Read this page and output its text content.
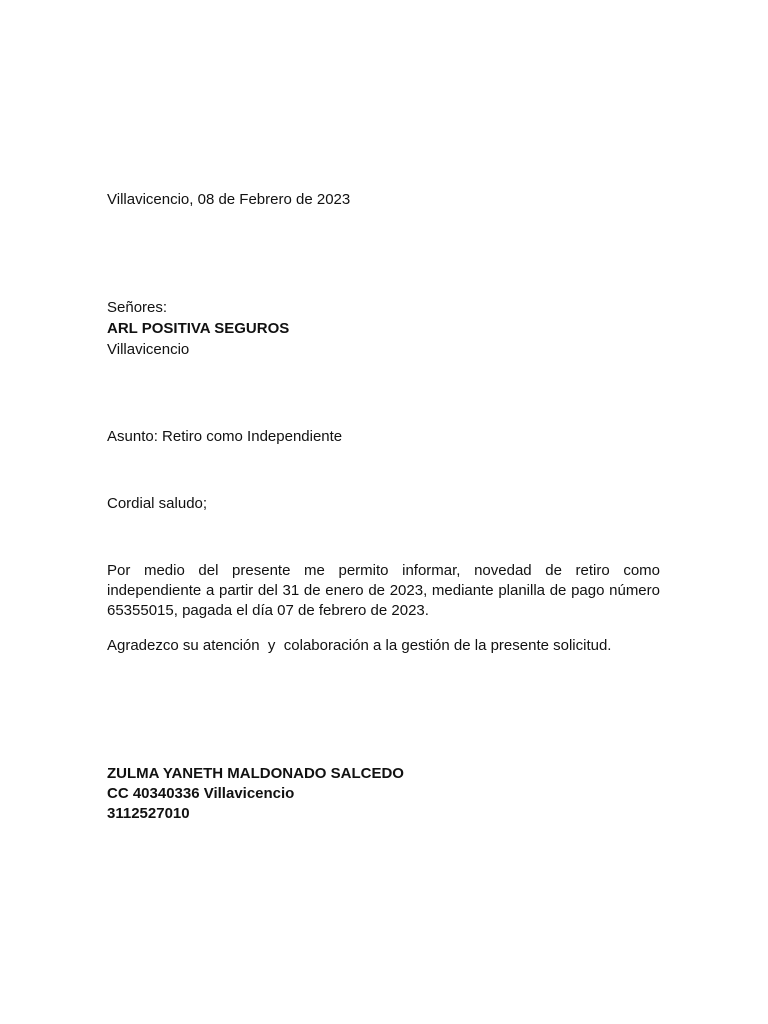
Villavicencio, 08 de Febrero de 2023
Señores:
ARL POSITIVA SEGUROS
Villavicencio
Asunto: Retiro como Independiente
Cordial saludo;
Por medio del presente me permito informar, novedad de retiro como independiente a partir del 31 de enero de 2023, mediante planilla de pago número 65355015, pagada el día 07 de febrero de 2023.
Agradezco su atención  y  colaboración a la gestión de la presente solicitud.
ZULMA YANETH MALDONADO SALCEDO
CC 40340336 Villavicencio
3112527010
